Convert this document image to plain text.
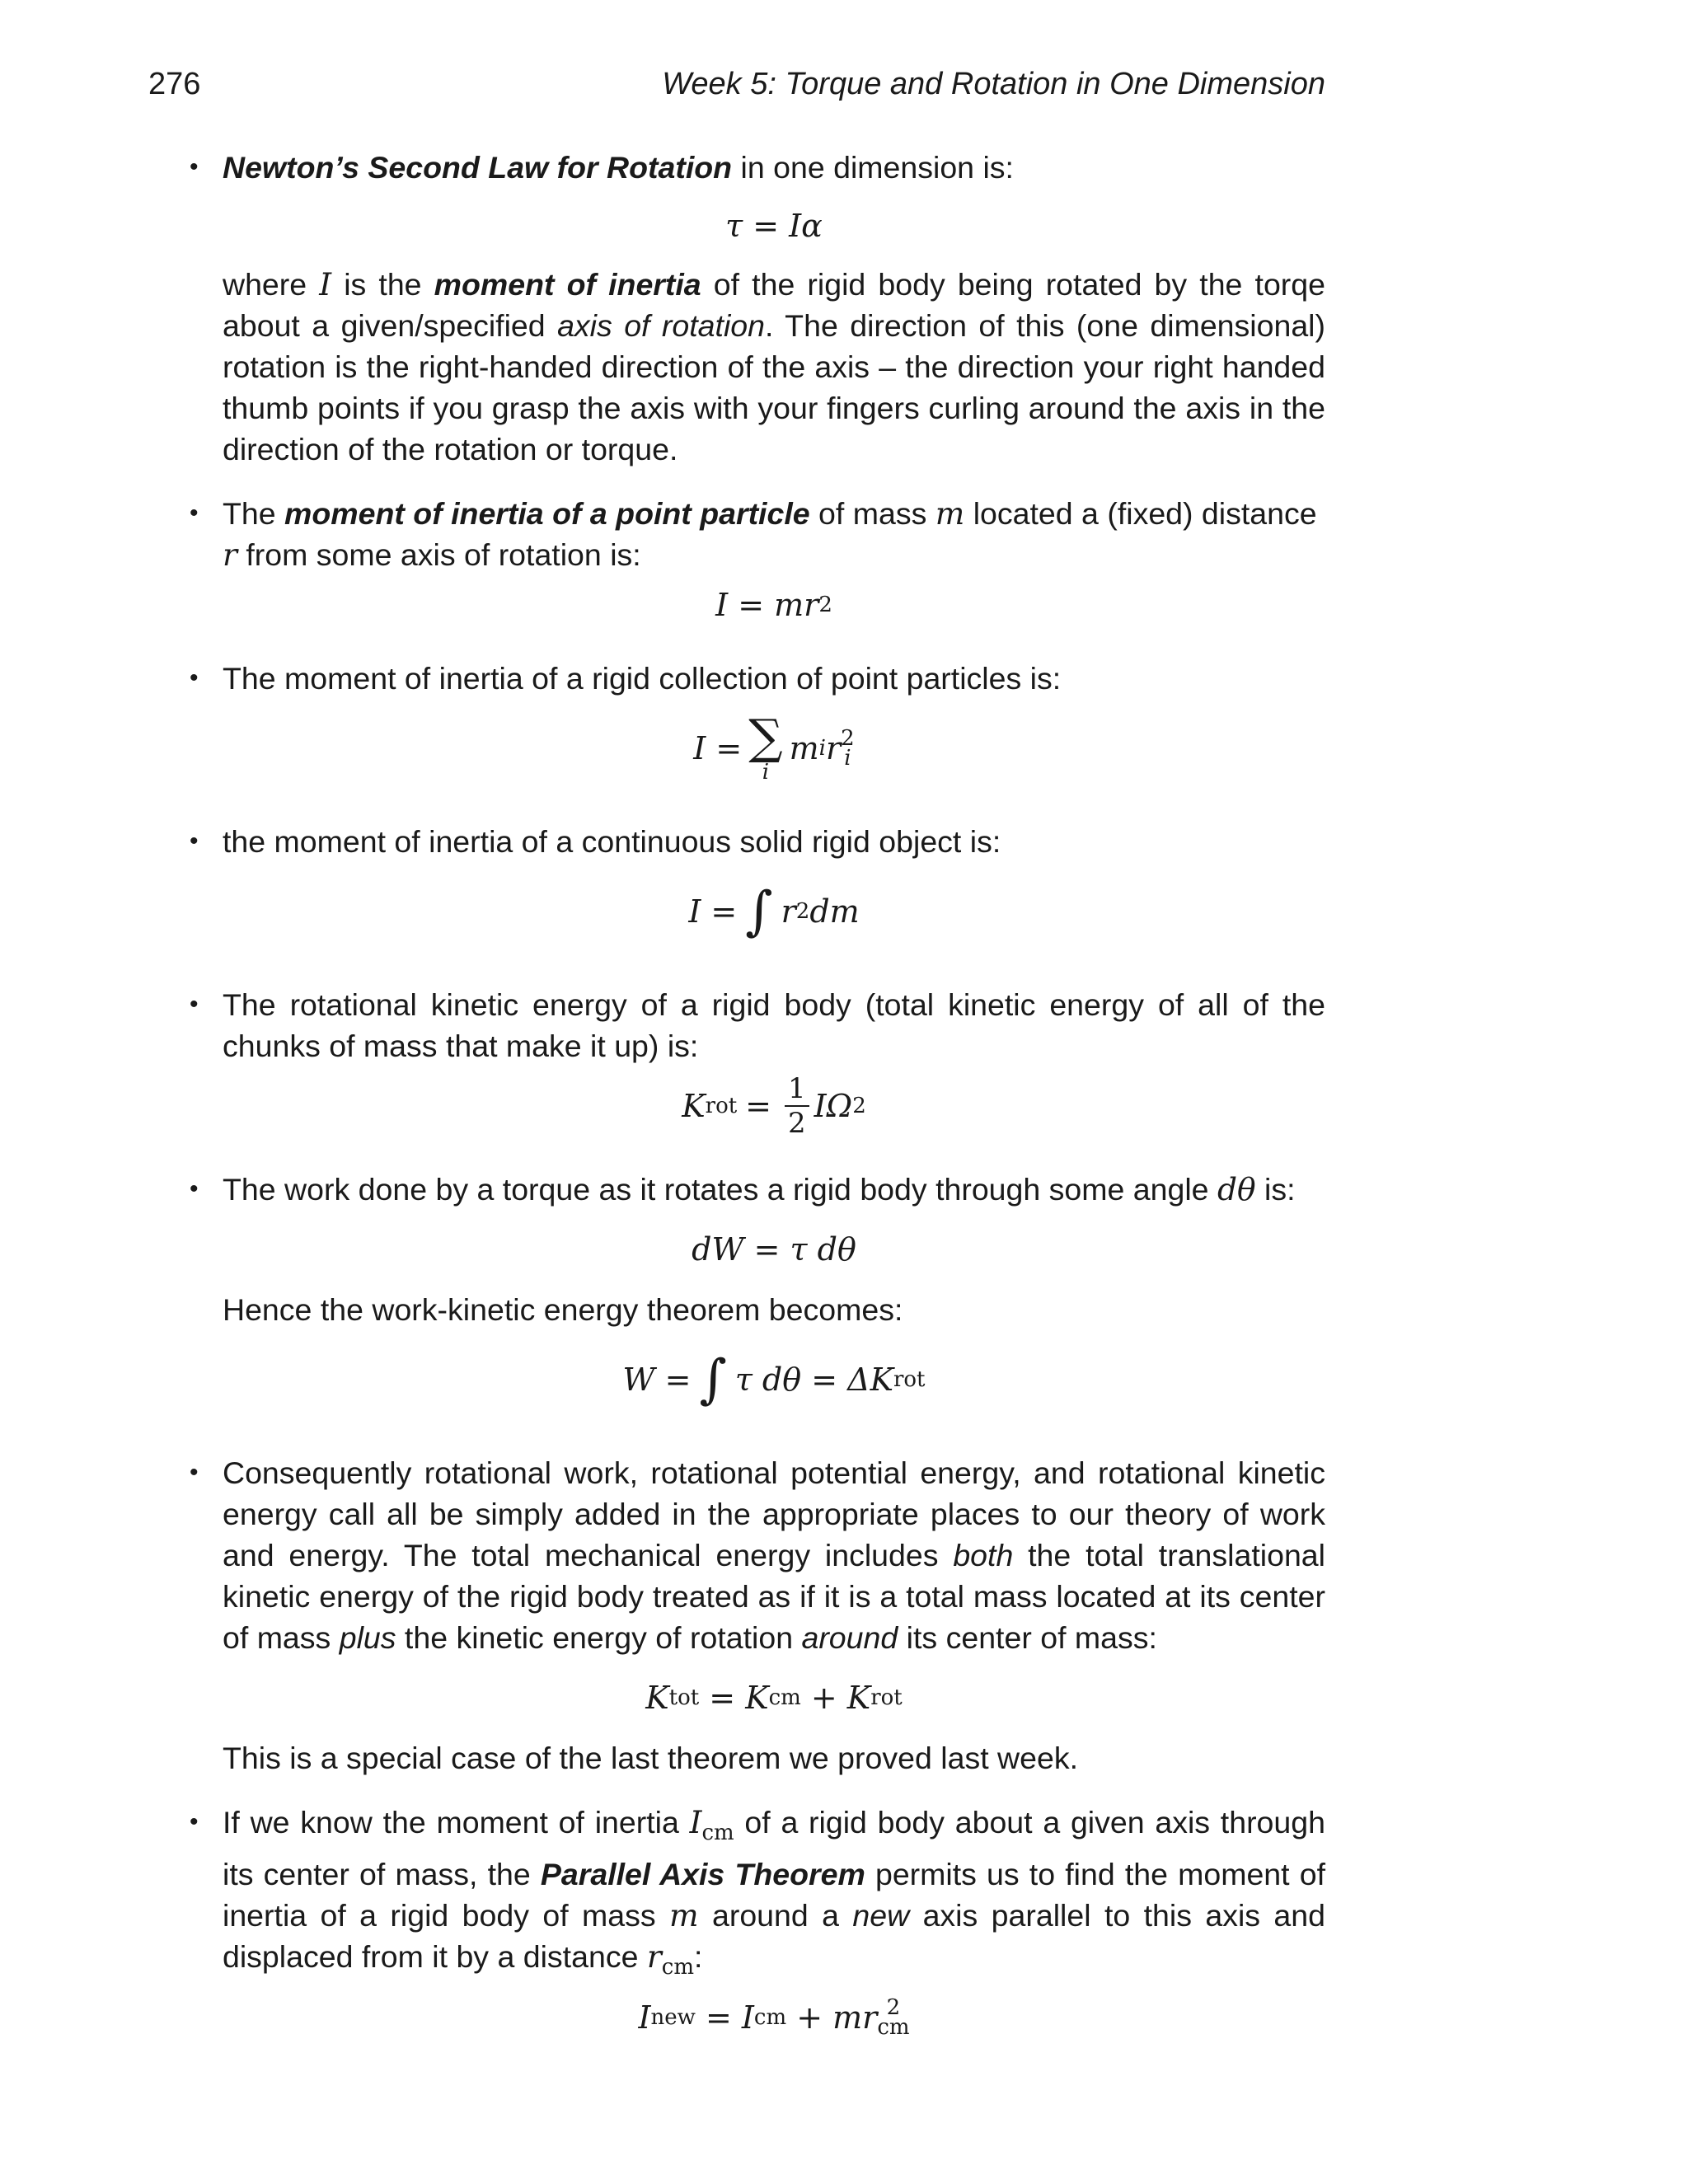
276	Week 5: Torque and Rotation in One Dimension
• Newton’s Second Law for Rotation in one dimension is:

τ = Iα

where I is the moment of inertia of the rigid body being rotated by the torqe about a given/specified axis of rotation. The direction of this (one dimensional) rotation is the right-handed direction of the axis – the direction your right handed thumb points if you grasp the axis with your fingers curling around the axis in the direction of the rotation or torque.

• The moment of inertia of a point particle of mass m located a (fixed) distance r from some axis of rotation is:

I = mr 2
• The moment of inertia of a rigid collection of point particles is:

I = ∑
i
m i r 2
i
• the moment of inertia of a continuous solid rigid object is:

I = ∫ r 2 dm
• The rotational kinetic energy of a rigid body (total kinetic energy of all of the chunks of mass that make it up) is:

K rot = $\frac{1}{2}$ IΩ 2
• The work done by a torque as it rotates a rigid body through some angle dθ is:

dW = τ dθ

Hence the work-kinetic energy theorem becomes:

W = ∫ τ dθ = ΔK rot
• Consequently rotational work, rotational potential energy, and rotational kinetic energy call all be simply added in the appropriate places to our theory of work and energy. The total mechanical energy includes both the total translational kinetic energy of the rigid body treated as if it is a total mass located at its center of mass plus the kinetic energy of rotation around its center of mass:

K tot = K cm + K rot

This is a special case of the last theorem we proved last week.

• If we know the moment of inertia $I_{cm}$ of a rigid body about a given axis through its center of mass, the Parallel Axis Theorem permits us to find the moment of inertia of a rigid body of mass m around a new axis parallel to this axis and displaced from it by a distance $r_{cm}$:

I new = I cm + mr 2
cm
